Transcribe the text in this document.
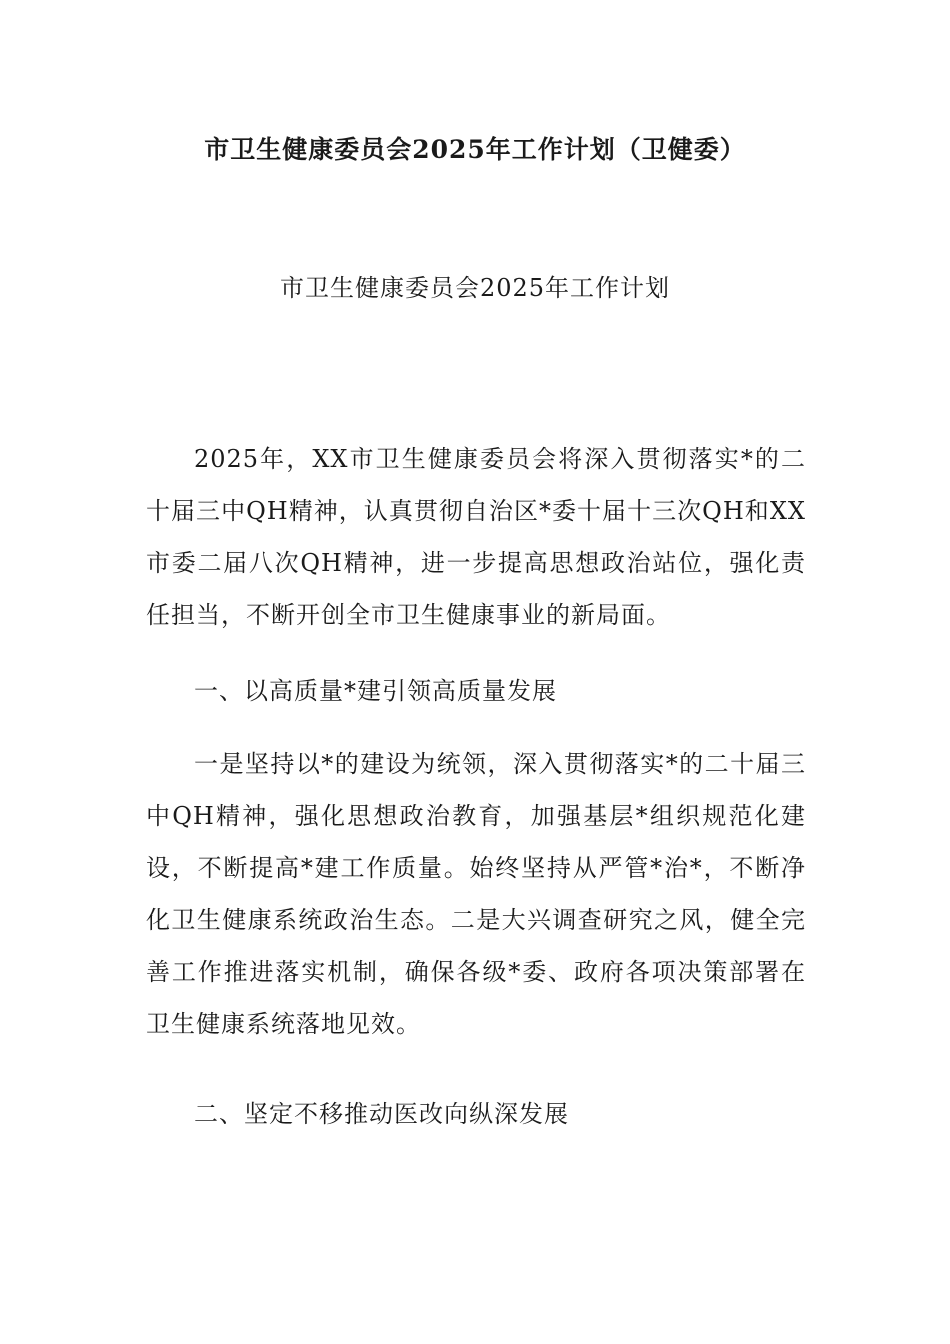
市卫生健康委员会2025年工作计划（卫健委）
市卫生健康委员会2025年工作计划

2025年，XX市卫生健康委员会将深入贯彻落实*的二十届三中QH精神，认真贯彻自治区*委十届十三次QH和XX市委二届八次QH精神，进一步提高思想政治站位，强化责任担当，不断开创全市卫生健康事业的新局面。

一、以高质量*建引领高质量发展

一是坚持以*的建设为统领，深入贯彻落实*的二十届三中QH精神，强化思想政治教育，加强基层*组织规范化建设，不断提高*建工作质量。始终坚持从严管*治*，不断净化卫生健康系统政治生态。二是大兴调查研究之风，健全完善工作推进落实机制，确保各级*委、政府各项决策部署在卫生健康系统落地见效。

二、坚定不移推动医改向纵深发展
